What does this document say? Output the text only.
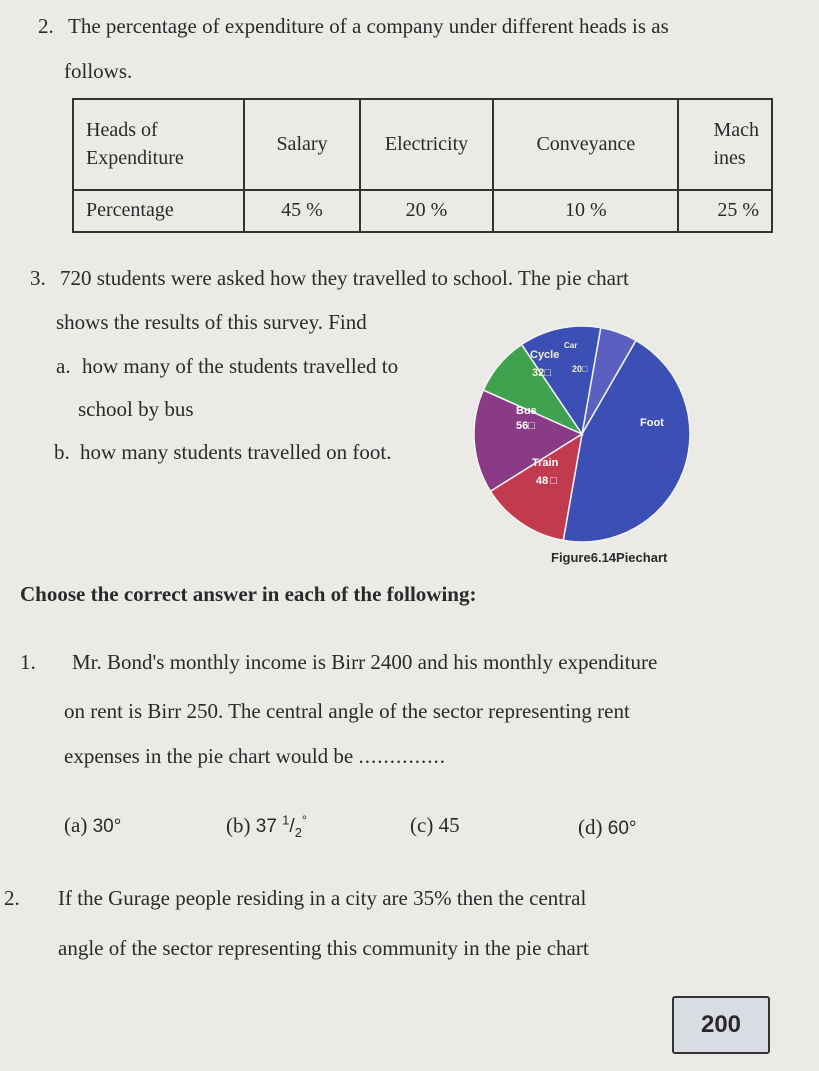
2. The percentage of expenditure of a company under different heads is as
follows.
Heads of
Expenditure	Salary	Electricity	Conveyance	Mach
ines
Percentage	45 %	20 %	10 %	25 %
3. 720 students were asked how they travelled to school. The pie chart
shows the results of this survey. Find
a. how many of the students travelled to
school by bus
b. how many students travelled on foot.
Foot
Train
48 □
Bus
56□
Cycle
32□
Car
20□
Figure6.14Piechart
Choose the correct answer in each of the following:
1. Mr. Bond's monthly income is Birr 2400 and his monthly expenditure
on rent is Birr 250. The central angle of the sector representing rent
expenses in the pie chart would be ..............
(a) 30°	(b) 37 $^1/_2^\circ$	(c) 45	(d) 60°
2. If the Gurage people residing in a city are 35% then the central
angle of the sector representing this community in the pie chart
200
